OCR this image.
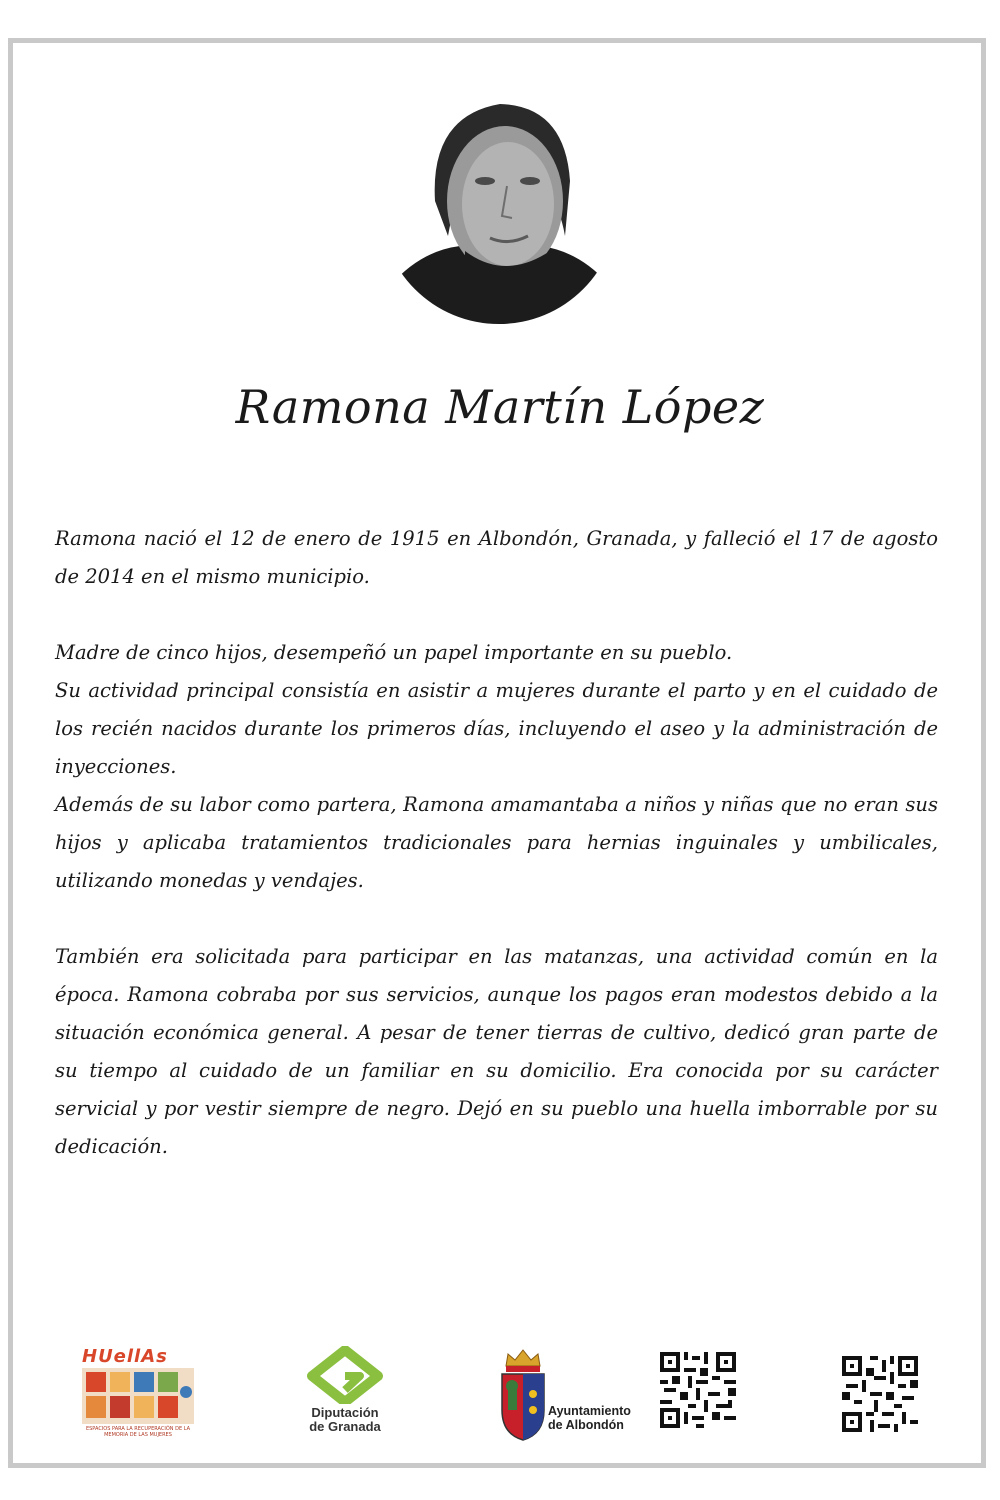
Ramona Martín López

Ramona nació el 12 de enero de 1915 en Albondón, Granada, y falleció el 17 de agosto de 2014 en el mismo municipio.

Madre de cinco hijos, desempeñó un papel importante en su pueblo.

Su actividad principal consistía en asistir a mujeres durante el parto y en el cuidado de los recién nacidos durante los primeros días, incluyendo el aseo y la administración de inyecciones.

Además de su labor como partera, Ramona amamantaba a niños y niñas que no eran sus hijos y aplicaba tratamientos tradicionales para hernias inguinales y umbilicales, utilizando monedas y vendajes.

También era solicitada para participar en las matanzas, una actividad común en la época. Ramona cobraba por sus servicios, aunque los pagos eran modestos debido a la situación económica general. A pesar de tener tierras de cultivo, dedicó gran parte de su tiempo al cuidado de un familiar en su domicilio. Era conocida por su carácter servicial y por vestir siempre de negro. Dejó en su pueblo una huella imborrable por su dedicación.

HUellAs
ESPACIOS PARA LA RECUPERACIÓN DE LA MEMORIA DE LAS MUJERES
Diputación
de Granada
Ayuntamiento
de Albondón
